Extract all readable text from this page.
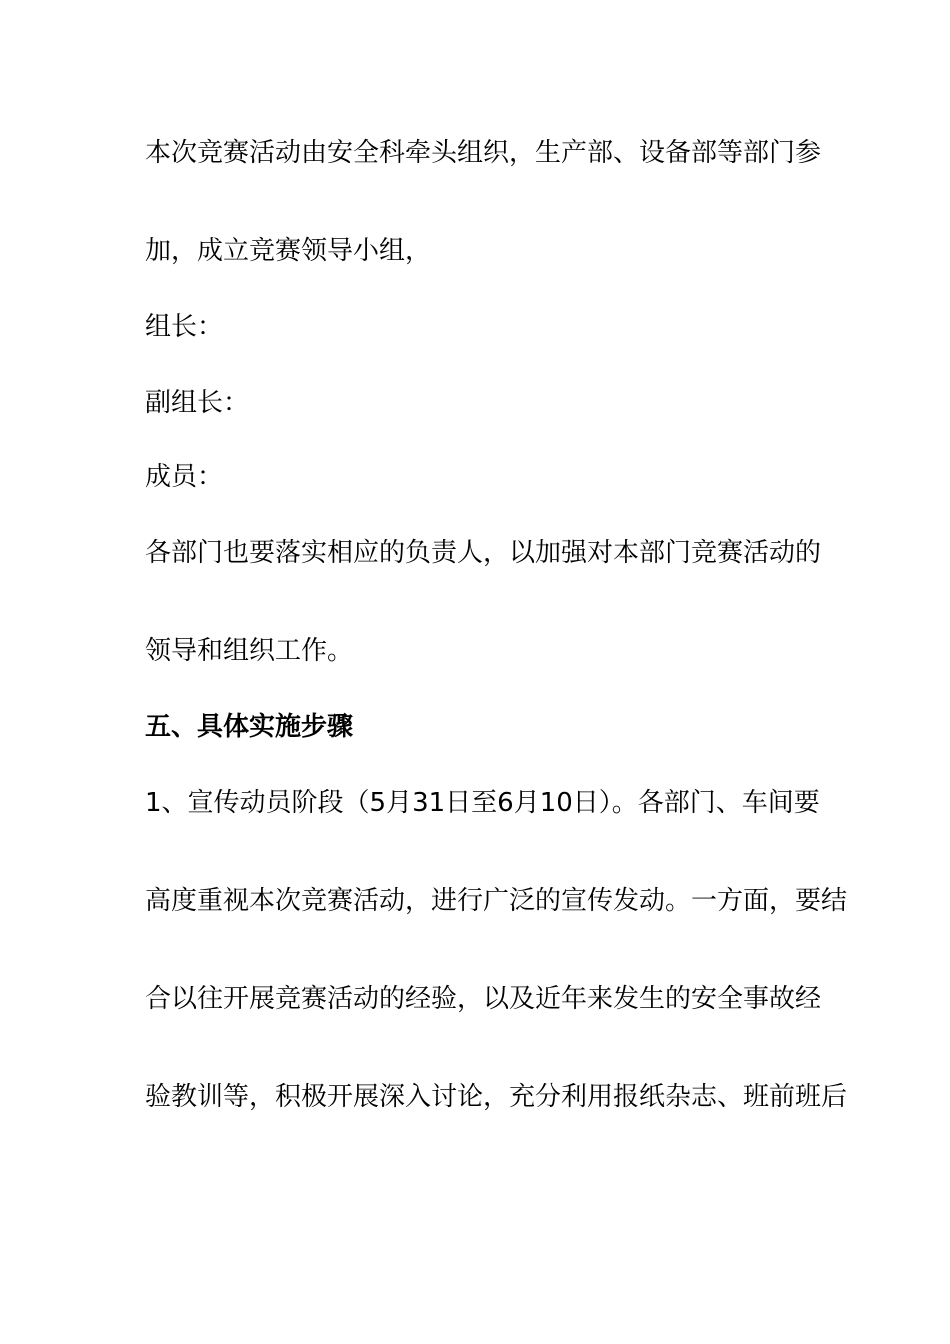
本次竞赛活动由安全科牵头组织，生产部、设备部等部门参
加，成立竞赛领导小组，
组长：
副组长：
成员：
各部门也要落实相应的负责人，以加强对本部门竞赛活动的
领导和组织工作。
五、具体实施步骤
1、宣传动员阶段（5月31日至6月10日）。各部门、车间要
高度重视本次竞赛活动，进行广泛的宣传发动。一方面，要结
合以往开展竞赛活动的经验，以及近年来发生的安全事故经
验教训等，积极开展深入讨论，充分利用报纸杂志、班前班后
